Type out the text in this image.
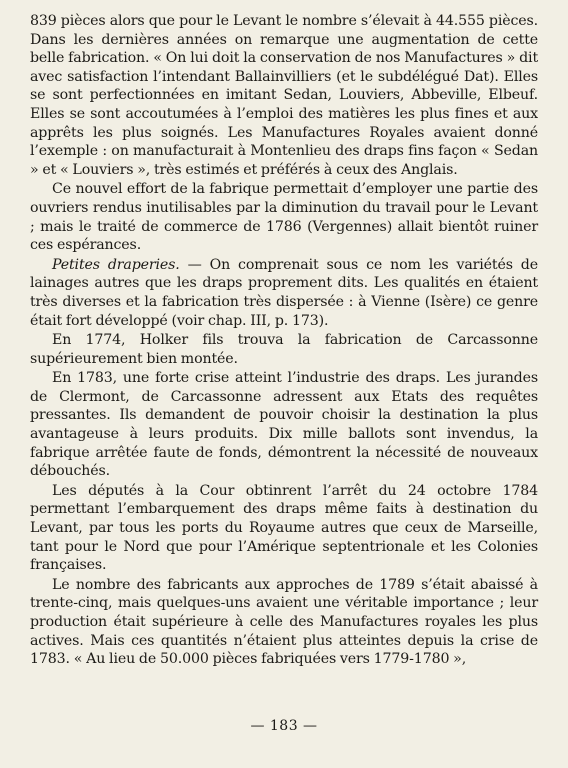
839 pièces alors que pour le Levant le nombre s’élevait à 44.555 pièces. Dans les dernières années on remarque une augmentation de cette belle fabrication. « On lui doit la conservation de nos Manufactures » dit avec satisfaction l’intendant Ballainvilliers (et le subdélégué Dat). Elles se sont perfectionnées en imitant Sedan, Louviers, Abbeville, Elbeuf. Elles se sont accoutumées à l’emploi des matières les plus fines et aux apprêts les plus soignés. Les Manufactures Royales avaient donné l’exemple : on manufacturait à Montenlieu des draps fins façon « Sedan » et « Louviers », très estimés et préférés à ceux des Anglais.

Ce nouvel effort de la fabrique permettait d’employer une partie des ouvriers rendus inutilisables par la diminution du travail pour le Levant ; mais le traité de commerce de 1786 (Vergennes) allait bientôt ruiner ces espérances.

Petites draperies. — On comprenait sous ce nom les variétés de lainages autres que les draps proprement dits. Les qualités en étaient très diverses et la fabrication très dispersée : à Vienne (Isère) ce genre était fort développé (voir chap. III, p. 173).

En 1774, Holker fils trouva la fabrication de Carcassonne supérieurement bien montée.

En 1783, une forte crise atteint l’industrie des draps. Les jurandes de Clermont, de Carcassonne adressent aux Etats des requêtes pressantes. Ils demandent de pouvoir choisir la destination la plus avantageuse à leurs produits. Dix mille ballots sont invendus, la fabrique arrêtée faute de fonds, démontrent la nécessité de nouveaux débouchés.

Les députés à la Cour obtinrent l’arrêt du 24 octobre 1784 permettant l’embarquement des draps même faits à destination du Levant, par tous les ports du Royaume autres que ceux de Marseille, tant pour le Nord que pour l’Amérique septentrionale et les Colonies françaises.

Le nombre des fabricants aux approches de 1789 s’était abaissé à trente-cinq, mais quelques-uns avaient une véritable importance ; leur production était supérieure à celle des Manufactures royales les plus actives. Mais ces quantités n’étaient plus atteintes depuis la crise de 1783. « Au lieu de 50.000 pièces fabriquées vers 1779-1780 »,

— 183 —
